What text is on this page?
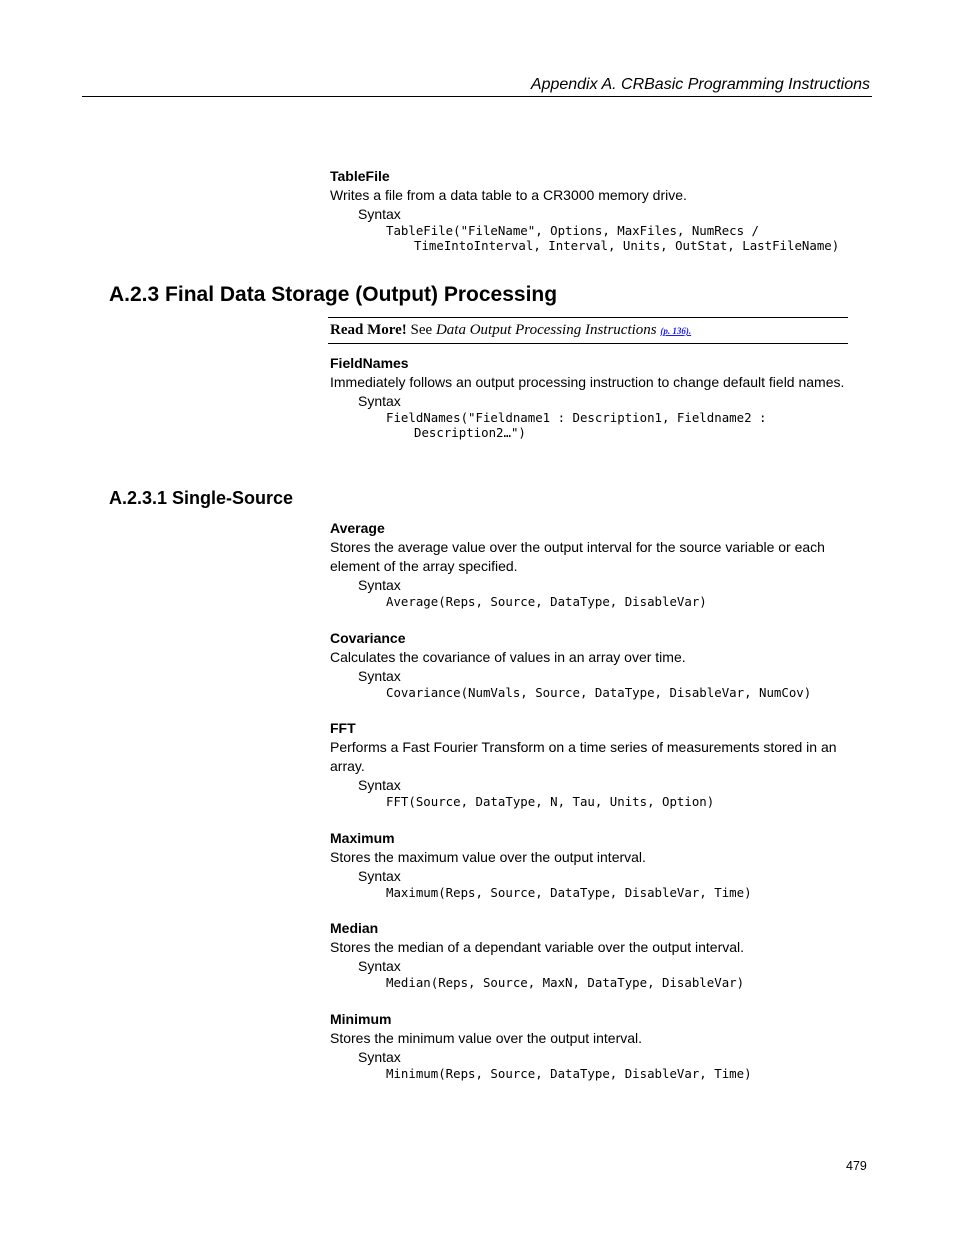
Appendix A. CRBasic Programming Instructions
TableFile
Writes a file from a data table to a CR3000 memory drive.
Syntax
TableFile("FileName", Options, MaxFiles, NumRecs / TimeIntoInterval, Interval, Units, OutStat, LastFileName)
A.2.3 Final Data Storage (Output) Processing
Read More! See Data Output Processing Instructions (p. 136).
FieldNames
Immediately follows an output processing instruction to change default field names.
Syntax
FieldNames("Fieldname1 : Description1, Fieldname2 : Description2…")
A.2.3.1 Single-Source
Average
Stores the average value over the output interval for the source variable or each element of the array specified.
Syntax
Average(Reps, Source, DataType, DisableVar)
Covariance
Calculates the covariance of values in an array over time.
Syntax
Covariance(NumVals, Source, DataType, DisableVar, NumCov)
FFT
Performs a Fast Fourier Transform on a time series of measurements stored in an array.
Syntax
FFT(Source, DataType, N, Tau, Units, Option)
Maximum
Stores the maximum value over the output interval.
Syntax
Maximum(Reps, Source, DataType, DisableVar, Time)
Median
Stores the median of a dependant variable over the output interval.
Syntax
Median(Reps, Source, MaxN, DataType, DisableVar)
Minimum
Stores the minimum value over the output interval.
Syntax
Minimum(Reps, Source, DataType, DisableVar, Time)
479
